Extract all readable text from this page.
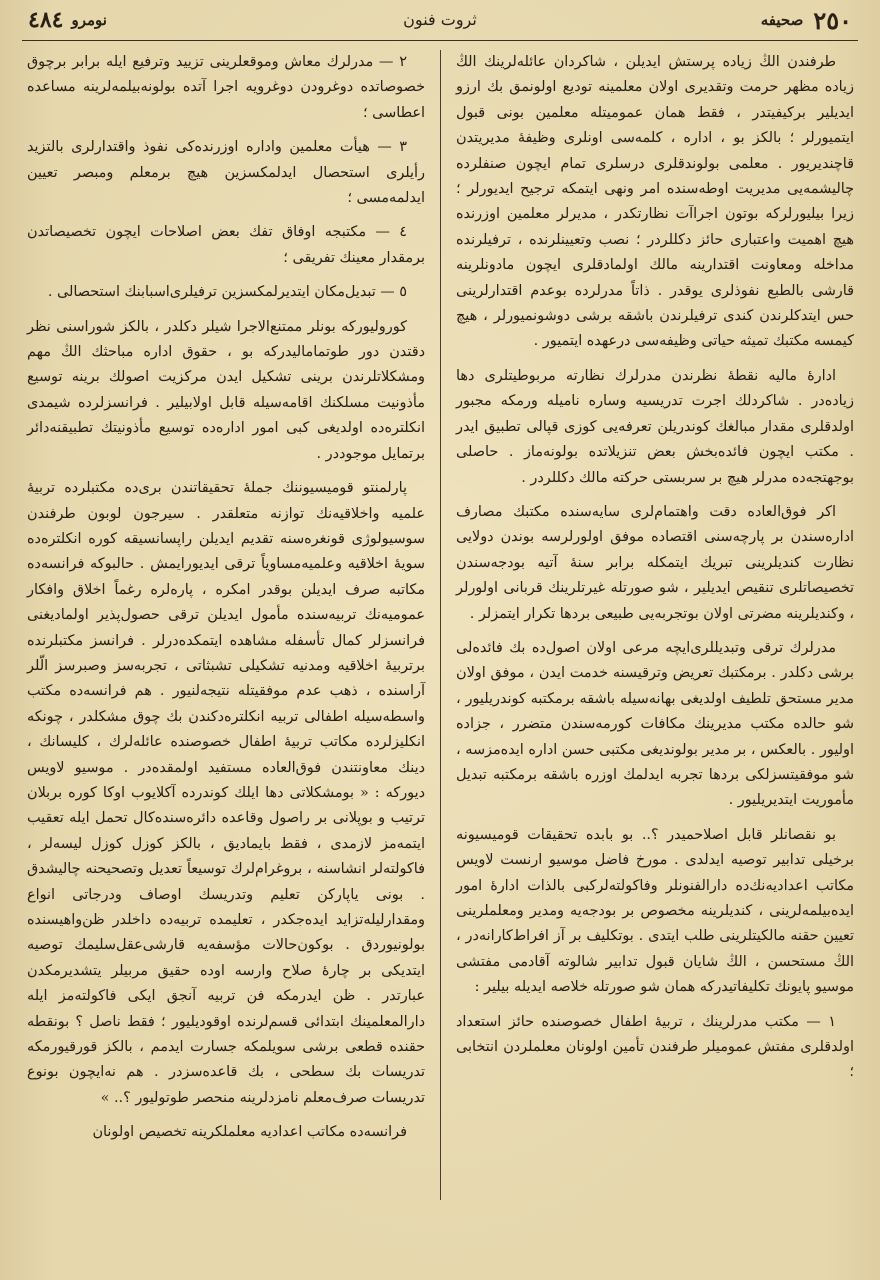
٢٥٠
صحیفه
نومرو
٤٨٤	ثروت فنون

طرفندن الڭ زیاده پرستش ایدیلن ، شاکردان عائله‌لرینك الڭ زیاده مظهر حرمت وتقدیری اولان معلمینه تودیع اولونمق بك ارزو ایدیلیر برکیفیتدر ، فقط همان عمومیتله معلمین بونی قبول ایتمیورلر ؛ بالکز بو ، اداره ، کلمه‌سی اونلری وظیفهٔ مدیریتدن قاچندیریور . معلمی بولوندقلری درسلری تمام ایچون صنفلرده چالیشمه‌یی مدیریت اوطه‌سنده امر ونهی ایتمکه ترجیح ایدیورلر ؛ زیرا بیلیورلرکه بوتون اجراآت نظارتکدر ، مدیرلر معلمین اوزرنده هیچ اهمیت واعتباری حائز دکللردر ؛ نصب وتعیینلرنده ، ترفیلرنده مداخله ومعاونت اقتدارینه مالك اولمادقلری ایچون مادونلرینه قارشی بالطبع نفوذلری یوقدر . ذاتاً مدرلرده بوعدم اقتدارلرینی حس ایتدکلرندن کندی ترفیلرندن باشقه برشی دوشونمیورلر ، هیچ کیمسه مکتبك تمیثه حیاتی وظیفه‌سی درعهده ایتمیور .

ادارهٔ مالیه نقطهٔ نظرندن مدرلرك نظارته مربوطیتلری دها زیاده‌در . شاکردلك اجرت تدریسیه وساره نامیله ورمکه مجبور اولدقلری مقدار مبالغك کوندریلن تعرفه‌یی کوزی قپالی تطبیق ایدر . مکتب ایچون فائده‌بخش بعض تنزیلاتده بولونه‌ماز . حاصلی بوجهتجه‌ده مدرلر هیچ بر سربستی حرکته مالك دکللردر .

اکر فوق‌العاده دقت واهتمام‌لری سایه‌سنده مکتبك مصارف اداره‌سندن بر پارچه‌سنی اقتصاده موفق اولورلرسه بوندن دولایی نظارت کندیلرینی تبریك ایتمکله برابر سنهٔ آتیه بودجه‌سندن تخصیصاتلری تنقیص ایدیلیر ، شو صورتله غیرتلرینك قربانی اولورلر ، وکندیلرینه مضرتی اولان بوتجربه‌یی طبیعی بردها تکرار ایتمزلر .

مدرلرك ترقی وتبدیللری‌ایچه مرعی اولان اصول‌ده بك فائده‌لی برشی دکلدر . برمکتبك تعریض وترقیسنه خدمت ایدن ، موفق اولان مدیر مستحق تلطیف اولدیغی بهانه‌سیله باشقه برمکتبه کوندریلیور ، شو حالده مکتب مدیرینك مکافات کورمه‌سندن متضرر ، جزاده اولیور . بالعکس ، بر مدیر بولوندیغی مکتبی حسن اداره ایده‌مزسه ، شو موفقیتسزلکی بردها تجربه ایدلمك اوزره باشقه برمکتبه تبدیل مأموریت ایتدیریلیور .

بو نقصانلر قابل اصلاحمیدر ؟.. بو بابده تحقیقات قومیسیونه برخیلی تدابیر توصیه ایدلدی . مورخ فاضل موسیو ارنست لاویس مکاتب اعدادیه‌نك‌ده دارالفنونلر وفاکولته‌لرکبی بالذات ادارهٔ امور ایده‌بیلمه‌لرینی ، کندیلرینه مخصوص بر بودجه‌یه ومدیر ومعلملرینی تعیین حقنه مالکیتلرینی طلب ایتدی . بوتکلیف بر آز افراط‌کارانه‌در ، الڭ مستحسن ، الڭ شایان قبول تدابیر شالوته آقادمی مفتشی موسیو پایونك تکلیفاتیدرکه همان شو صورتله خلاصه ایدیله بیلیر :

١ — مکتب مدرلرینك ، تربیهٔ اطفال خصوصنده حائز استعداد اولدقلری مفتش عمومیلر طرفندن تأمین اولونان معلملردن انتخابی ؛

٢ — مدرلرك معاش وموقعلرینی تزیید وترفیع ایله برابر برچوق خصوصاتده دوغرودن دوغرویه اجرا آتده بولونه‌بیلمه‌لرینه مساعده اعطاسی ؛

٣ — هیأت معلمین واداره اوزرنده‌کی نفوذ واقتدارلری بالتزید رأیلری استحصال ایدلمکسزین هیچ برمعلم ومبصر تعیین ایدلمه‌مسی ؛

٤ — مکتبجه اوفاق تفك بعض اصلاحات ایچون تخصیصاتدن برمقدار معینك تفریقی ؛

٥ — تبدیل‌مکان ایتدیرلمکسزین ترفیلری‌اسبابنك استحصالی .

کورولیورکه بونلر ممتنع‌الاجرا شیلر دکلدر ، بالکز شوراسنی نظر دقتدن دور طوتمامالیدرکه بو ، حقوق اداره مباحثك الڭ مهم ومشکلاتلرندن برینی تشکیل ایدن مرکزیت اصولك برینه توسیع مأذونیت مسلکنك اقامه‌سیله قابل اولابیلیر . فرانسزلرده شیمدی انکلتره‌ده اولدیغی کبی امور اداره‌ده توسیع مأذونیتك تطبیقنه‌دائر برتمایل موجوددر .

پارلمنتو قومیسیوننك جملهٔ تحقیقاتندن بری‌ده مکتبلرده تربیهٔ علمیه واخلاقیه‌نك توازنه متعلقدر . سیرجون لوبون طرفندن سوسیولوژی قونغره‌سنه تقدیم ایدیلن راپسانسیقه کوره انکلتره‌ده سویهٔ اخلاقیه وعلمیه‌مساویاً ترقی ایدیورایمش . حالبوکه فرانسه‌ده مکاتبه صرف ایدیلن بوقدر امکره ، پاره‌لره رغماً اخلاق وافکار عمومیه‌نك تربیه‌سنده مأمول ایدیلن ترقی حصول‌پذیر اولمادیغنی فرانسزلر کمال تأسفله مشاهده ایتمکده‌درلر . فرانسز مکتبلرنده برتربیهٔ اخلاقیه ومدنیه تشکیلی تشبثاتی ، تجربه‌سز وصبرسز الّلر آراسنده ، ذهب عدم موفقیتله نتیجه‌لنیور . هم فرانسه‌ده مکتب واسطه‌سیله اطفالی تربیه انکلتره‌دکندن بك چوق مشکلدر ، چونکه انکلیزلرده مکاتب تربیهٔ اطفال خصوصنده عائله‌لرك ، کلیسانك ، دینك معاونتندن فوق‌العاده مستفید اولمقده‌در . موسیو لاویس دیورکه : « بومشکلاتی دها ایلك کوندرده آکلایوب اوکا کوره بربلان ترتیب و بوپلانی بر راصول وقاعده دائره‌سنده‌کال تحمل ایله تعقیب ایتمه‌مز لازمدی ، فقط بایمادیق ، بالکز کوزل کوزل لیسه‌لر ، فاکولته‌لر انشاسنه ، بروغرام‌لرك توسیعاً تعدیل وتصحیحنه چالیشدق . بونی یاپارکن تعلیم وتدریسك اوصاف ودرجاتی انواع ومقدارلیله‌تزاید ایده‌جکدر ، تعلیمده تربیه‌ده داخلدر ظن‌واهیسنده بولونیوردق . بوکون‌حالات مؤسفه‌یه قارشی‌عقل‌سلیمك توصیه ایتدیکی بر چارهٔ صلاح وارسه اوده حقیق مربیلر یتشدیرمکدن عبارتدر . ظن ایدرمکه فن تربیه آنجق ایکی فاکولته‌مز ایله دارالمعلمینك ابتدائی قسم‌لرنده اوقودیلیور ؛ فقط ناصل ؟ بونقطه حقنده قطعی برشی سویلمکه جسارت ایدمم ، بالکز قورقیورمکه تدریسات بك سطحی ، بك قاعده‌سزدر . هم نه‌ایچون بونوع تدریسات صرف‌معلم نامزدلرینه منحصر طوتولیور ؟.. »

فرانسه‌ده مکاتب اعدادیه معلملکرینه تخصیص اولونان
